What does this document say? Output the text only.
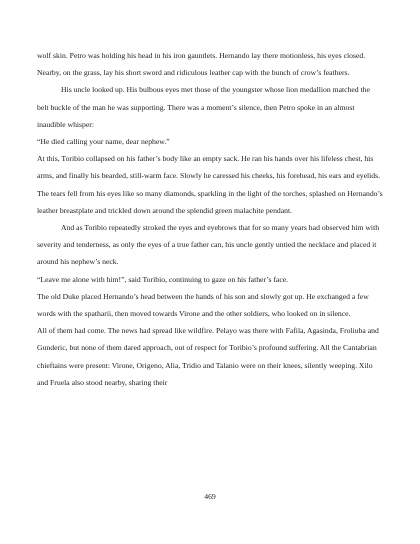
wolf skin. Petro was holding his head in his iron gauntlets. Hernando lay there motionless, his eyes closed. Nearby, on the grass, lay his short sword and ridiculous leather cap with the bunch of crow’s feathers.

His uncle looked up. His bulbous eyes met those of the youngster whose lion medallion matched the belt buckle of the man he was supporting. There was a moment’s silence, then Petro spoke in an almost inaudible whisper:

“He died calling your name, dear nephew.”

At this, Toribio collapsed on his father’s body like an empty sack. He ran his hands over his lifeless chest, his arms, and finally his bearded, still-warm face. Slowly he caressed his cheeks, his forehead, his ears and eyelids. The tears fell from his eyes like so many diamonds, sparkling in the light of the torches, splashed on Hernando’s leather breastplate and trickled down around the splendid green malachite pendant.

And as Toribio repeatedly stroked the eyes and eyebrows that for so many years had observed him with severity and tenderness, as only the eyes of a true father can, his uncle gently untied the necklace and placed it around his nephew’s neck.

“Leave me alone with him!”, said Toribio, continuing to gaze on his father’s face.

The old Duke placed Hernando’s head between the hands of his son and slowly got up. He exchanged a few words with the spatharii, then moved towards Virone and the other soldiers, who looked on in silence.

All of them had come. The news had spread like wildfire. Pelayo was there with Fafila, Agasinda, Froliuba and Gunderic, but none of them dared approach, out of respect for Toribio’s profound suffering. All the Cantabrian chieftains were present: Virone, Origeno, Alia, Tridio and Talanio were on their knees, silently weeping. Xilo and Fruela also stood nearby, sharing their

469
